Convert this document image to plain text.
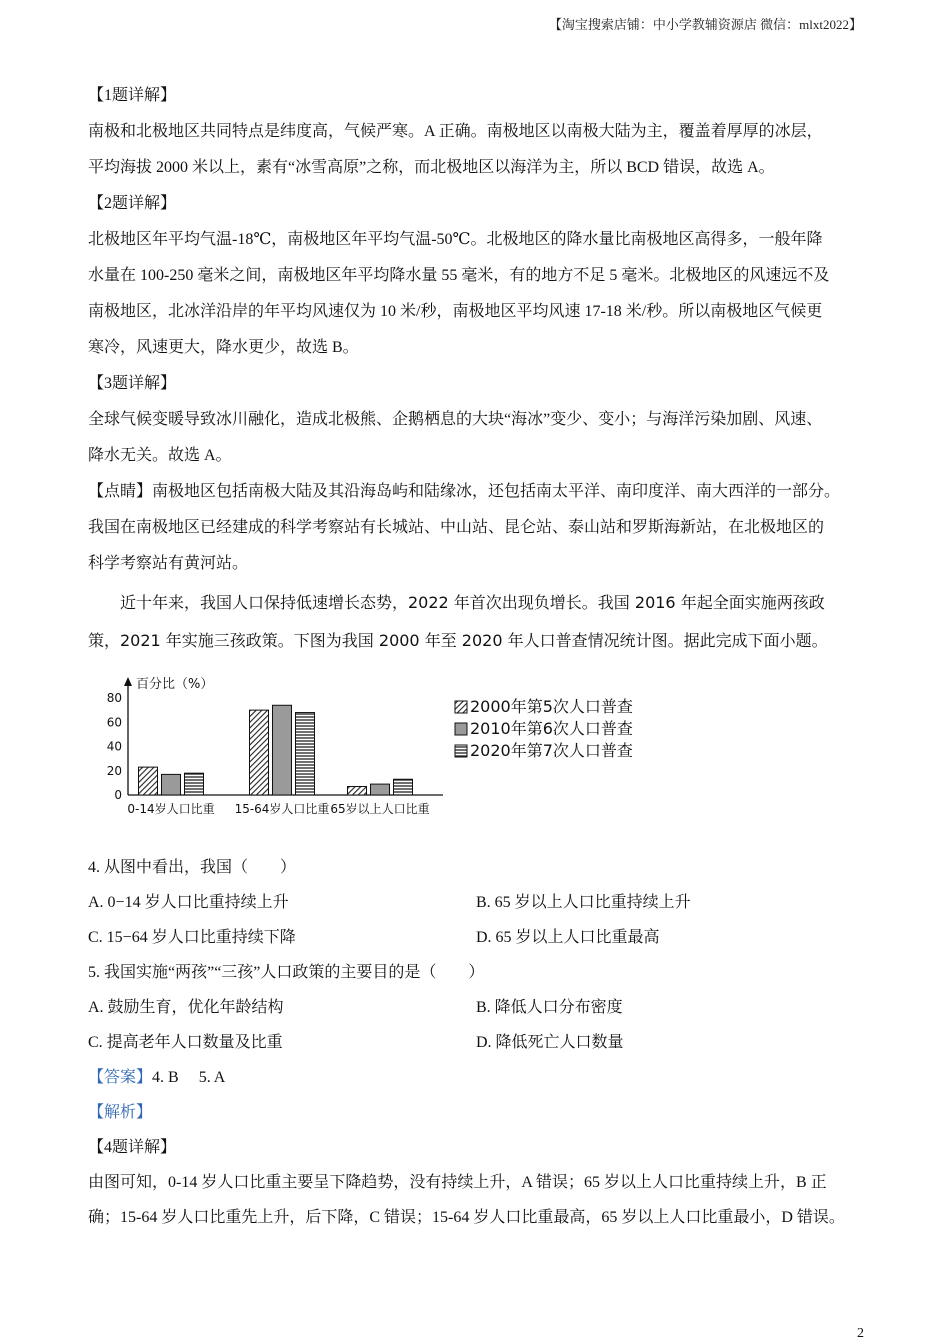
【淘宝搜索店铺：中小学教辅资源店 微信：mlxt2022】
【1题详解】
南极和北极地区共同特点是纬度高，气候严寒。A 正确。南极地区以南极大陆为主，覆盖着厚厚的冰层，
平均海拔 2000 米以上，素有“冰雪高原”之称，而北极地区以海洋为主，所以 BCD 错误，故选 A。
【2题详解】
北极地区年平均气温-18℃，南极地区年平均气温-50℃。北极地区的降水量比南极地区高得多，一般年降
水量在 100-250 毫米之间，南极地区年平均降水量 55 毫米，有的地方不足 5 毫米。北极地区的风速远不及
南极地区，北冰洋沿岸的年平均风速仅为 10 米/秒，南极地区平均风速 17-18 米/秒。所以南极地区气候更
寒冷，风速更大，降水更少，故选 B。
【3题详解】
全球气候变暖导致冰川融化，造成北极熊、企鹅栖息的大块“海冰”变少、变小；与海洋污染加剧、风速、
降水无关。故选 A。
【点睛】南极地区包括南极大陆及其沿海岛屿和陆缘冰，还包括南太平洋、南印度洋、南大西洋的一部分。
我国在南极地区已经建成的科学考察站有长城站、中山站、昆仑站、泰山站和罗斯海新站，在北极地区的
科学考察站有黄河站。
近十年来，我国人口保持低速增长态势，2022 年首次出现负增长。我国 2016 年起全面实施两孩政
策，2021 年实施三孩政策。下图为我国 2000 年至 2020 年人口普查情况统计图。据此完成下面小题。
百分比（%）
80
60
40
20
0
0-14岁人口比重 15-64岁人口比重 65岁以上人口比重
2000年第5次人口普查
2010年第6次人口普查
2020年第7次人口普查
4. 从图中看出，我国（　　）
A. 0−14 岁人口比重持续上升	B. 65 岁以上人口比重持续上升
C. 15−64 岁人口比重持续下降	D. 65 岁以上人口比重最高
5. 我国实施“两孩”“三孩”人口政策的主要目的是（　　）
A. 鼓励生育，优化年龄结构	B. 降低人口分布密度
C. 提高老年人口数量及比重	D. 降低死亡人口数量
【答案】4. B　 5. A
【解析】
【4题详解】
由图可知，0-14 岁人口比重主要呈下降趋势，没有持续上升，A 错误；65 岁以上人口比重持续上升，B 正
确；15-64 岁人口比重先上升，后下降，C 错误；15-64 岁人口比重最高，65 岁以上人口比重最小，D 错误。
2
